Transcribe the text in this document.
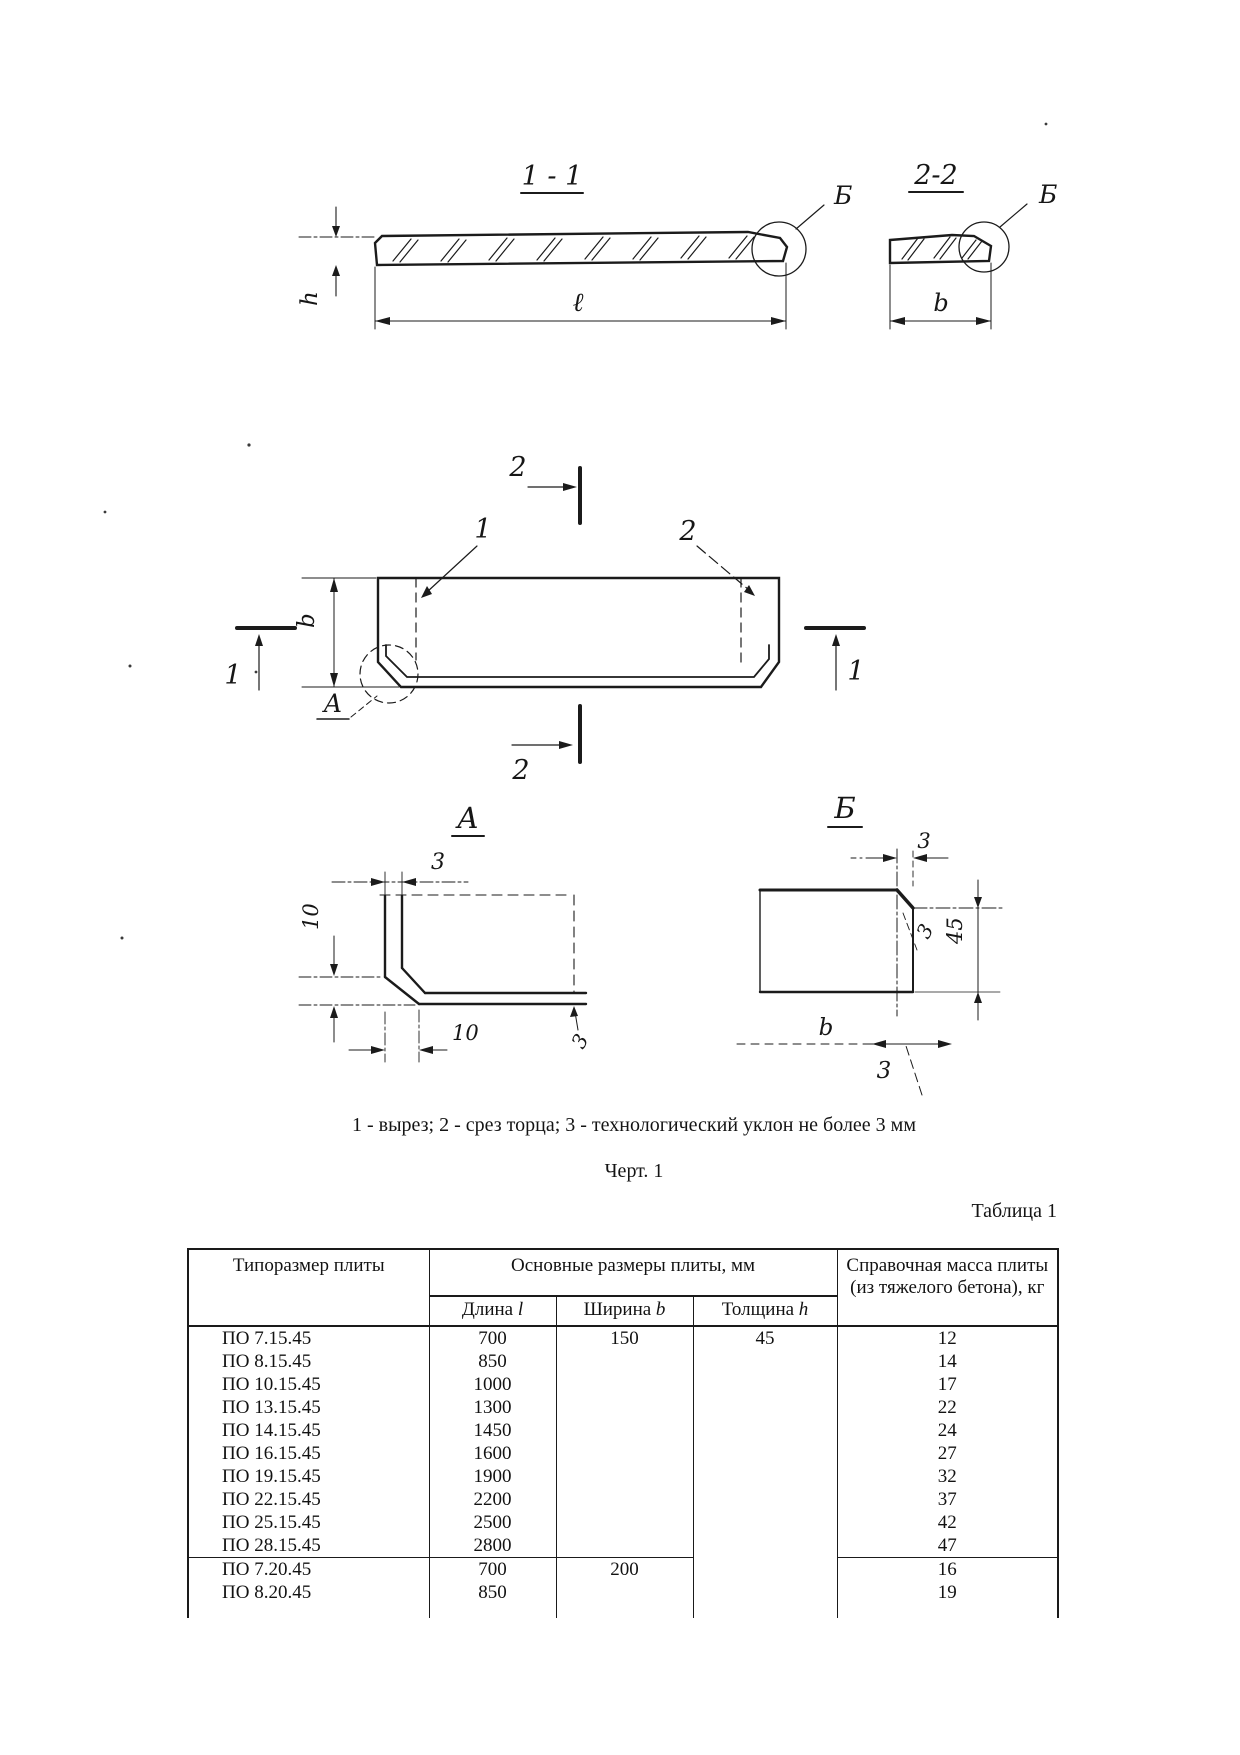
1 - 1
Б
h	ℓ
2-2
Б
b
2
2
1	1
1	2
b
А
А
3
10
10	3
Б
3
45
3
b
3
1 - вырез; 2 - срез торца; 3 - технологический уклон не более 3 мм
Черт. 1
Таблица 1
Типоразмер плиты	Основные размеры плиты, мм			Справочная масса плиты (из тяжелого бетона), кг
	Длина l	Ширина b	Толщина h	
ПО 7.15.45	700	150	45	12
ПО 8.15.45	850			14
ПО 10.15.45	1000			17
ПО 13.15.45	1300			22
ПО 14.15.45	1450			24
ПО 16.15.45	1600			27
ПО 19.15.45	1900			32
ПО 22.15.45	2200			37
ПО 25.15.45	2500			42
ПО 28.15.45	2800			47
ПО 7.20.45	700	200		16
ПО 8.20.45	850			19
